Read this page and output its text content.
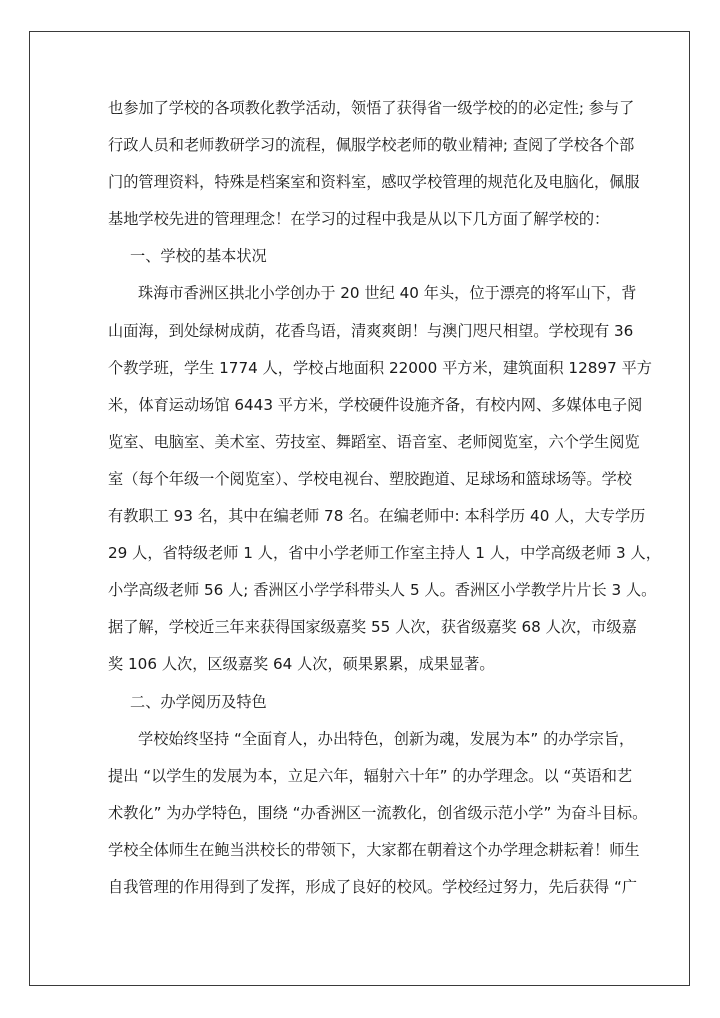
也参加了学校的各项教化教学活动，领悟了获得省一级学校的的必定性; 参与了
行政人员和老师教研学习的流程，佩服学校老师的敬业精神; 查阅了学校各个部
门的管理资料，特殊是档案室和资料室，感叹学校管理的规范化及电脑化，佩服
基地学校先进的管理理念！在学习的过程中我是从以下几方面了解学校的：
一、学校的基本状况
珠海市香洲区拱北小学创办于 20 世纪 40 年头，位于漂亮的将军山下，背
山面海，到处绿树成荫，花香鸟语，清爽爽朗！与澳门咫尺相望。学校现有 36
个教学班，学生 1774 人，学校占地面积 22000 平方米，建筑面积 12897 平方
米，体育运动场馆 6443 平方米，学校硬件设施齐备，有校内网、多媒体电子阅
览室、电脑室、美术室、劳技室、舞蹈室、语音室、老师阅览室，六个学生阅览
室（每个年级一个阅览室）、学校电视台、塑胶跑道、足球场和篮球场等。学校
有教职工 93 名，其中在编老师 78 名。在编老师中: 本科学历 40 人，大专学历
29 人，省特级老师 1 人，省中小学老师工作室主持人 1 人，中学高级老师 3 人，
小学高级老师 56 人; 香洲区小学学科带头人 5 人。香洲区小学教学片片长 3 人。
据了解，学校近三年来获得国家级嘉奖 55 人次，获省级嘉奖 68 人次，市级嘉
奖 106 人次，区级嘉奖 64 人次，硕果累累，成果显著。
二、办学阅历及特色
学校始终坚持 “全面育人，办出特色，创新为魂，发展为本” 的办学宗旨，
提出 “以学生的发展为本，立足六年，辐射六十年” 的办学理念。以 “英语和艺
术教化” 为办学特色，围绕 “办香洲区一流教化，创省级示范小学” 为奋斗目标。
学校全体师生在鲍当洪校长的带领下，大家都在朝着这个办学理念耕耘着！师生
自我管理的作用得到了发挥，形成了良好的校风。学校经过努力，先后获得 “广
